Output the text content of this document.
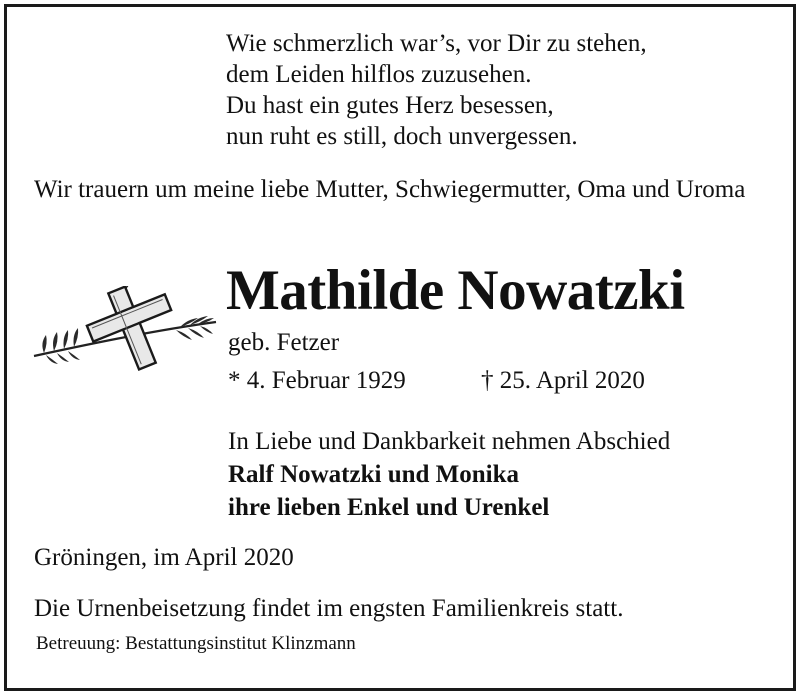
Wie schmerzlich war’s, vor Dir zu stehen,
dem Leiden hilflos zuzusehen.
Du hast ein gutes Herz besessen,
nun ruht es still, doch unvergessen.
Wir trauern um meine liebe Mutter, Schwiegermutter, Oma und Uroma
Mathilde Nowatzki
geb. Fetzer
* 4. Februar 1929	† 25. April 2020
In Liebe und Dankbarkeit nehmen Abschied
Ralf Nowatzki und Monika
ihre lieben Enkel und Urenkel
Gröningen, im April 2020
Die Urnenbeisetzung findet im engsten Familienkreis statt.
Betreuung: Bestattungsinstitut Klinzmann
